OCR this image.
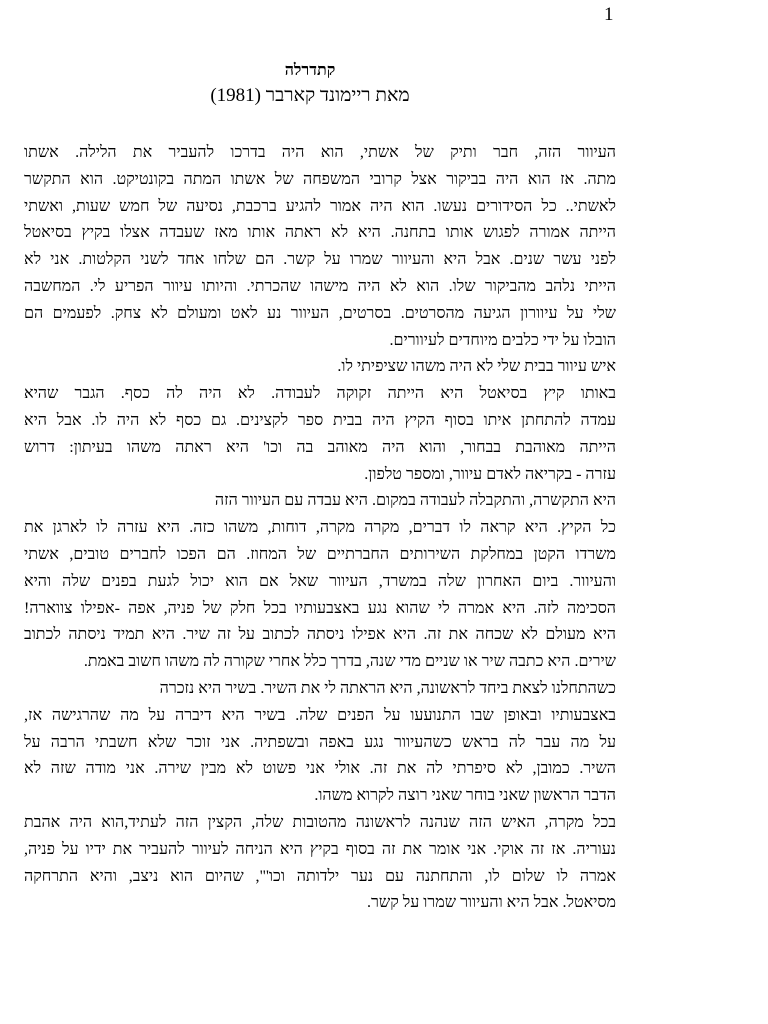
1
קתדרלה
מאת ריימונד קארבר (1981)
העיוור הזה, חבר ותיק של אשתי, הוא היה בדרכו להעביר את הלילה. אשתו
מתה. אז הוא היה בביקור אצל קרובי המשפחה של אשתו המתה בקונטיקט. הוא התקשר
לאשתי.. כל הסידורים נעשו. הוא היה אמור להגיע ברכבת, נסיעה של חמש שעות, ואשתי
הייתה אמורה לפגוש אותו בתחנה. היא לא ראתה אותו מאז שעבדה אצלו בקיץ בסיאטל
לפני עשר שנים. אבל היא והעיוור שמרו על קשר. הם שלחו אחד לשני הקלטות. אני לא
הייתי נלהב מהביקור שלו. הוא לא היה מישהו שהכרתי. והיותו עיוור הפריע לי. המחשבה
שלי על עיוורון הגיעה מהסרטים. בסרטים, העיוור נע לאט ומעולם לא צחק. לפעמים הם
הובלו על ידי כלבים מיוחדים לעיוורים.
איש עיוור בבית שלי לא היה משהו שציפיתי לו.
באותו קיץ בסיאטל היא הייתה זקוקה לעבודה. לא היה לה כסף. הגבר שהיא
עמדה להתחתן איתו בסוף הקיץ היה בבית ספר לקצינים. גם כסף לא היה לו. אבל היא
הייתה מאוהבת בבחור, והוא היה מאוהב בה וכו' היא ראתה משהו בעיתון: דרוש
עזרה - בקריאה לאדם עיוור, ומספר טלפון.
היא התקשרה, והתקבלה לעבודה במקום. היא עבדה עם העיוור הזה
כל הקיץ. היא קראה לו דברים, מקרה מקרה, דוחות, משהו כזה. היא עזרה לו לארגן את
משרדו הקטן במחלקת השירותים החברתיים של המחוז. הם הפכו לחברים טובים, אשתי
והעיוור. ביום האחרון שלה במשרד, העיוור שאל אם הוא יכול לגעת בפנים שלה והיא
הסכימה לזה. היא אמרה לי שהוא נגע באצבעותיו בכל חלק של פניה, אפה -אפילו צווארה!
היא מעולם לא שכחה את זה. היא אפילו ניסתה לכתוב על זה שיר. היא תמיד ניסתה לכתוב
שירים. היא כתבה שיר או שניים מדי שנה, בדרך כלל אחרי שקורה לה משהו חשוב באמת.
כשהתחלנו לצאת ביחד לראשונה, היא הראתה לי את השיר. בשיר היא נזכרה
באצבעותיו ובאופן שבו התנועעו על הפנים שלה. בשיר היא דיברה על מה שהרגישה אז,
על מה עבר לה בראש כשהעיוור נגע באפה ובשפתיה. אני זוכר שלא חשבתי הרבה על
השיר. כמובן, לא סיפרתי לה את זה. אולי אני פשוט לא מבין שירה. אני מודה שזה לא
הדבר הראשון שאני בוחר שאני רוצה לקרוא משהו.
בכל מקרה, האיש הזה שנהנה לראשונה מהטובות שלה, הקצין הזה לעתיד,הוא היה אהבת
נעוריה. אז זה אוקי. אני אומר את זה בסוף בקיץ היא הניחה לעיוור להעביר את ידיו על פניה,
אמרה לו שלום לו, והתחתנה עם נער ילדותה וכו'", שהיום הוא ניצב, והיא התרחקה
מסיאטל. אבל היא והעיוור שמרו על קשר.
